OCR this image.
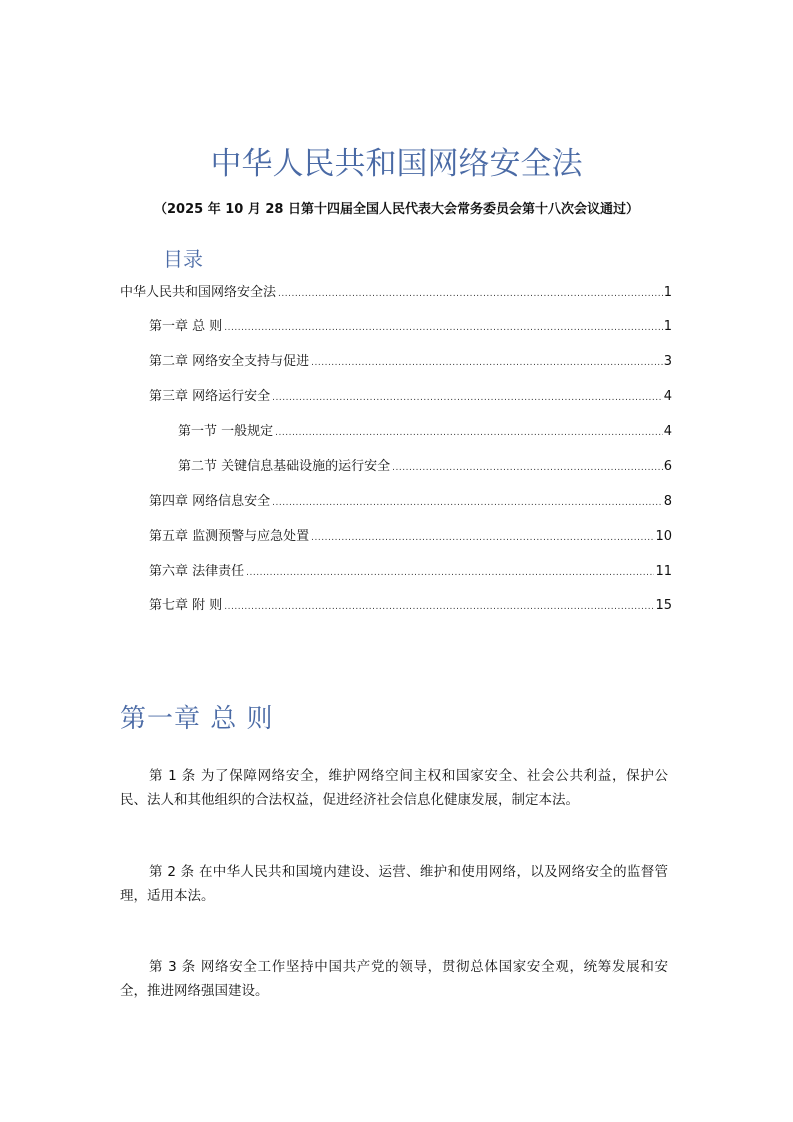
中华人民共和国网络安全法
（2025 年 10 月 28 日第十四届全国人民代表大会常务委员会第十八次会议通过）
目录
中华人民共和国网络安全法 .....	1
第一章 总 则 .....	1
第二章 网络安全支持与促进 .....	3
第三章 网络运行安全 .....	4
第一节 一般规定 .....	4
第二节 关键信息基础设施的运行安全 .....	6
第四章 网络信息安全 .....	8
第五章 监测预警与应急处置 .....	10
第六章 法律责任 .....	11
第七章 附 则 .....	15
第一章 总 则

第 1 条 为了保障网络安全，维护网络空间主权和国家安全、社会公共利益，保护公民、法人和其他组织的合法权益，促进经济社会信息化健康发展，制定本法。

第 2 条 在中华人民共和国境内建设、运营、维护和使用网络，以及网络安全的监督管理，适用本法。

第 3 条 网络安全工作坚持中国共产党的领导，贯彻总体国家安全观，统筹发展和安全，推进网络强国建设。
